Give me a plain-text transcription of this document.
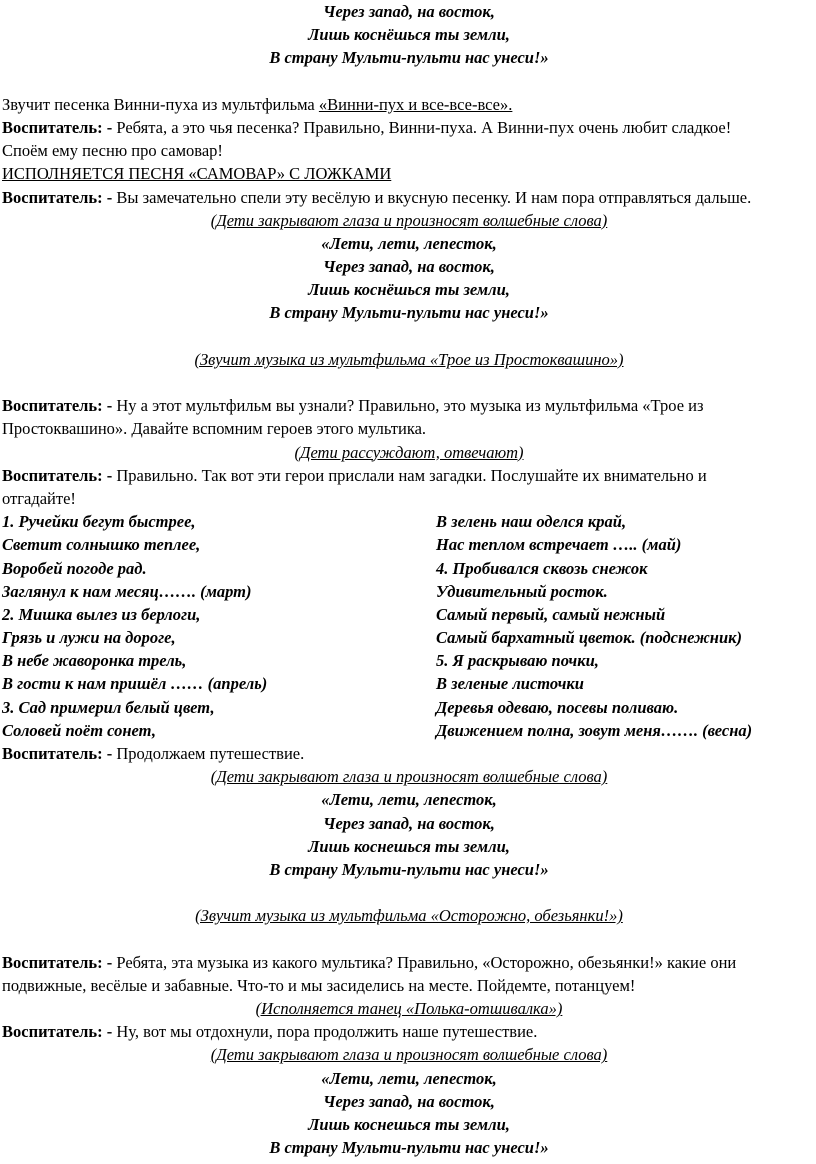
Через запад, на восток,
Лишь коснёшься ты земли,
В страну Мульти-пульти нас унеси!»
Звучит песенка Винни-пуха из мультфильма «Винни-пух и все-все-все».
Воспитатель: - Ребята, а это чья песенка? Правильно, Винни-пуха. А Винни-пух очень любит сладкое!
Споём ему песню про самовар!
ИСПОЛНЯЕТСЯ ПЕСНЯ «САМОВАР» С ЛОЖКАМИ
Воспитатель: - Вы замечательно спели эту весёлую и вкусную песенку. И нам пора отправляться дальше.
(Дети закрывают глаза и произносят волшебные слова)
«Лети, лети, лепесток,
Через запад, на восток,
Лишь коснёшься ты земли,
В страну Мульти-пульти нас унеси!»
(Звучит музыка из мультфильма «Трое из Простоквашино»)
Воспитатель: - Ну а этот мультфильм вы узнали? Правильно, это музыка из мультфильма «Трое из
Простоквашино». Давайте вспомним героев этого мультика.
(Дети рассуждают, отвечают)
Воспитатель: - Правильно. Так вот эти герои прислали нам загадки. Послушайте их внимательно и
отгадайте!
1. Ручейки бегут быстрее,
Светит солнышко теплее,
Воробей погоде рад.
Заглянул к нам месяц……. (март)
2. Мишка вылез из берлоги,
Грязь и лужи на дороге,
В небе жаворонка трель,
В гости к нам пришёл …… (апрель)
3. Сад примерил белый цвет,
Соловей поёт сонет,
В зелень наш оделся край,
Нас теплом встречает ….. (май)
4. Пробивался сквозь снежок
Удивительный росток.
Самый первый, самый нежный
Самый бархатный цветок. (подснежник)
5. Я раскрываю почки,
В зеленые листочки
Деревья одеваю, посевы поливаю.
Движением полна, зовут меня……. (весна)
Воспитатель: - Продолжаем путешествие.
(Дети закрывают глаза и произносят волшебные слова)
«Лети, лети, лепесток,
Через запад, на восток,
Лишь коснешься ты земли,
В страну Мульти-пульти нас унеси!»
(Звучит музыка из мультфильма «Осторожно, обезьянки!»)
Воспитатель: - Ребята, эта музыка из какого мультика? Правильно, «Осторожно, обезьянки!» какие они
подвижные, весёлые и забавные. Что-то и мы засиделись на месте. Пойдемте, потанцуем!
(Исполняется танец «Полька-отшивалка»)
Воспитатель: - Ну, вот мы отдохнули, пора продолжить наше путешествие.
(Дети закрывают глаза и произносят волшебные слова)
«Лети, лети, лепесток,
Через запад, на восток,
Лишь коснешься ты земли,
В страну Мульти-пульти нас унеси!»
